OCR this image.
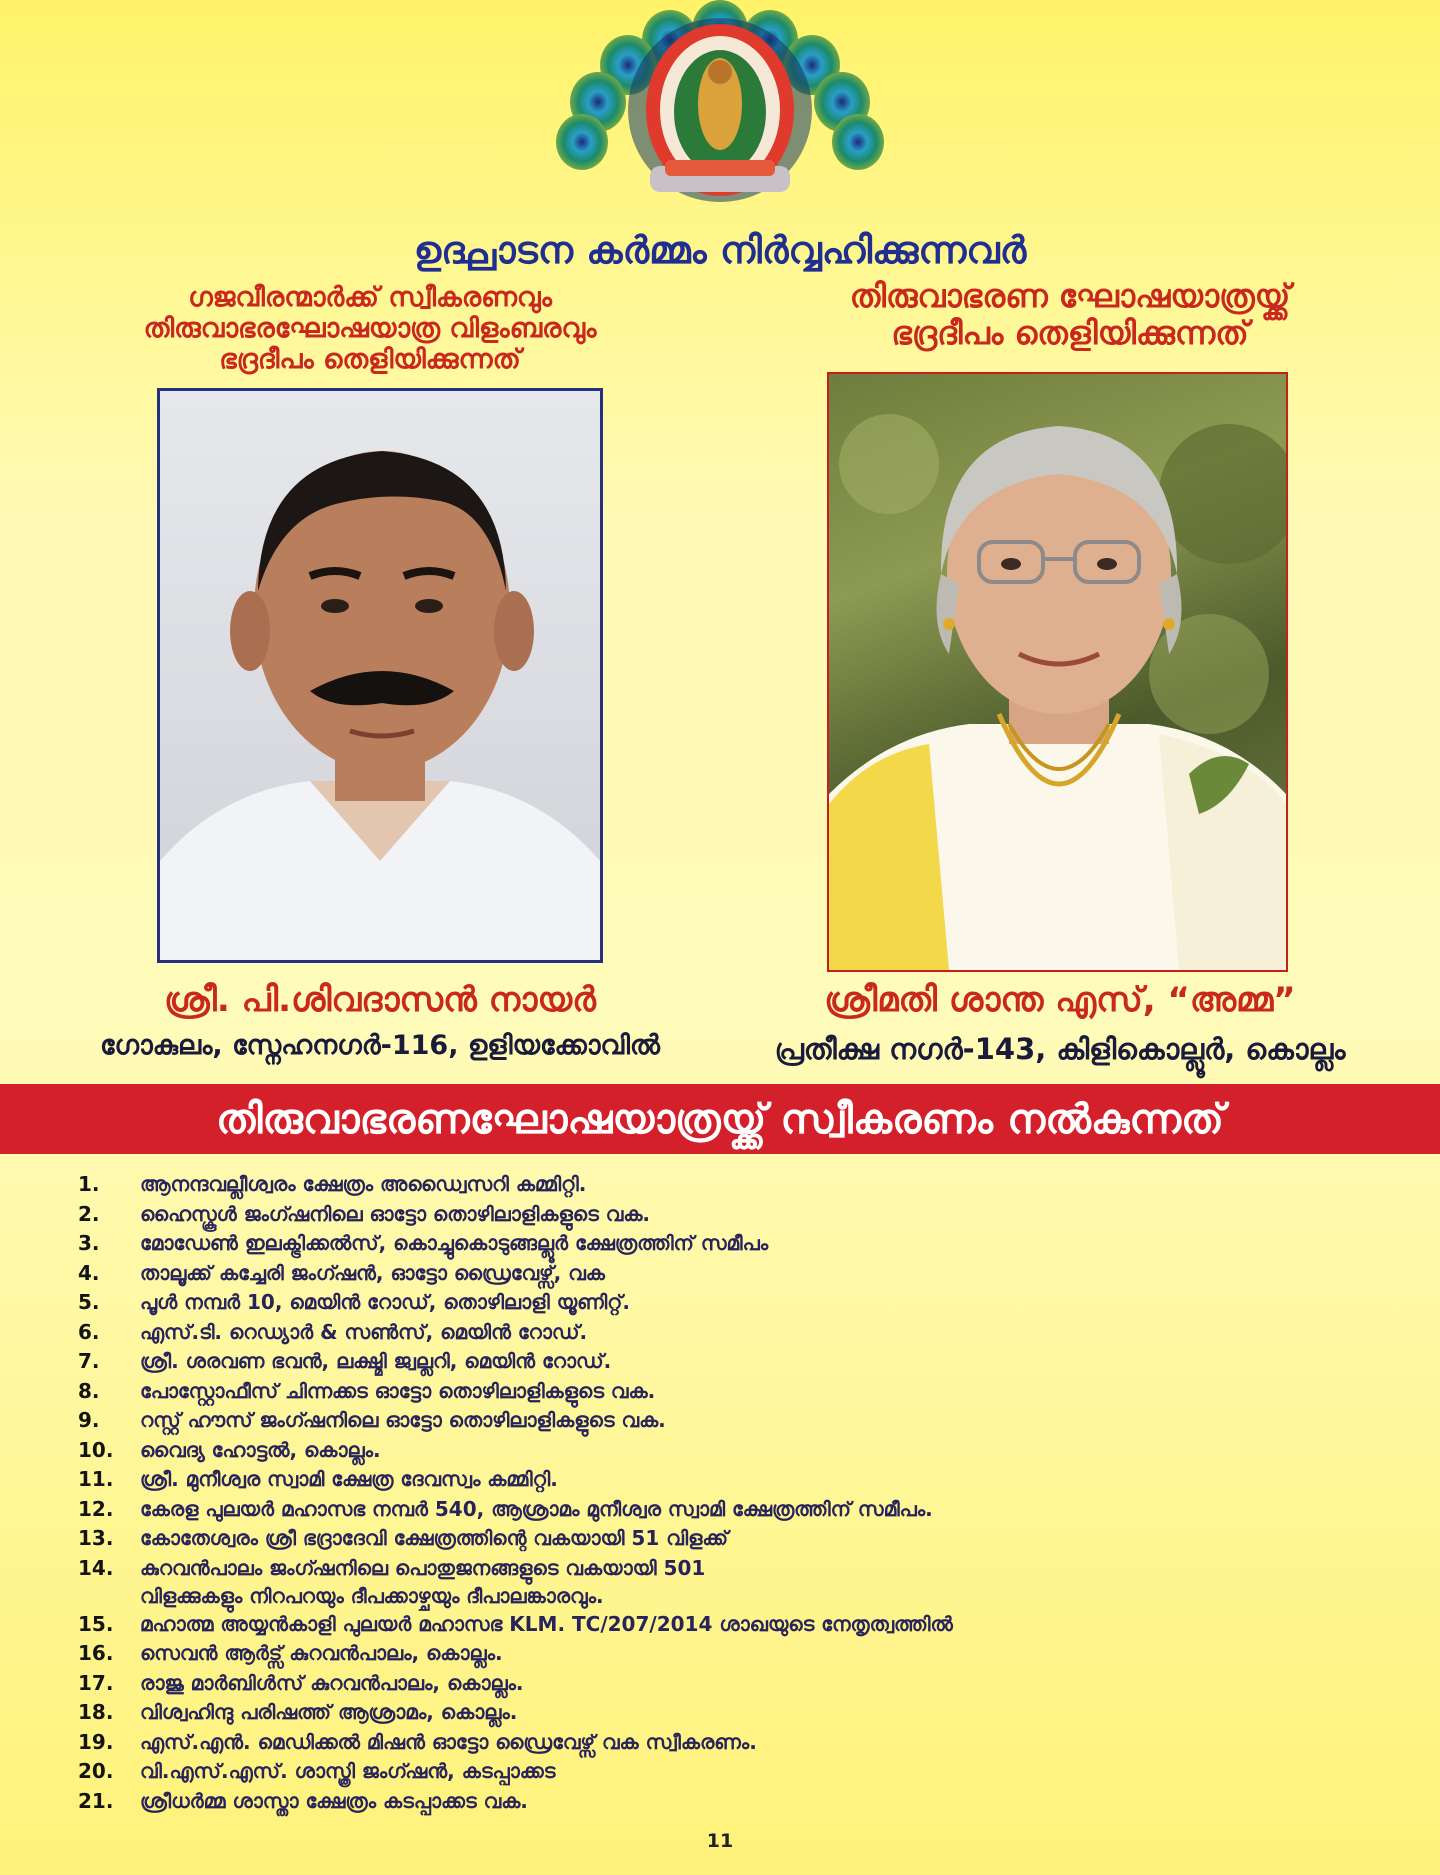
ഉദ്ഘാടന കർമ്മം നിർവ്വഹിക്കുന്നവർ
ഗജവീരന്മാർക്ക് സ്വീകരണവും
തിരുവാഭരഘോഷയാത്ര വിളംബരവും
ഭദ്രദീപം തെളിയിക്കുന്നത്
തിരുവാഭരണ ഘോഷയാത്രയ്ക്ക്
ഭദ്രദീപം തെളിയിക്കുന്നത്
ശ്രീ. പി.ശിവദാസൻ നായർ
ഗോകുലം, സ്നേഹനഗർ-116, ഉളിയക്കോവിൽ
ശ്രീമതി ശാന്ത എസ്, “അമ്മ”
പ്രതീക്ഷ നഗർ-143, കിളികൊല്ലൂർ, കൊല്ലം
തിരുവാഭരണഘോഷയാത്രയ്ക്ക് സ്വീകരണം നൽകുന്നത്
1.	ആനന്ദവല്ലീശ്വരം ക്ഷേത്രം അഡ്വൈസറി കമ്മിറ്റി.
2.	ഹൈസ്കൂൾ ജംഗ്ഷനിലെ ഓട്ടോ തൊഴിലാളികളുടെ വക.
3.	മോഡേൺ ഇലക്ട്രിക്കൽസ്, കൊച്ചുകൊടുങ്ങല്ലൂർ ക്ഷേത്രത്തിന് സമീപം
4.	താലൂക്ക് കച്ചേരി ജംഗ്ഷൻ, ഓട്ടോ ഡ്രൈവേഴ്സ്, വക
5.	പൂൾ നമ്പർ 10, മെയിൻ റോഡ്, തൊഴിലാളി യൂണിറ്റ്.
6.	എസ്.ടി. റെഡ്യാർ & സൺസ്, മെയിൻ റോഡ്.
7.	ശ്രീ. ശരവണ ഭവൻ, ലക്ഷ്മി ജ്വല്ലറി, മെയിൻ റോഡ്.
8.	പോസ്റ്റോഫീസ് ചിന്നക്കട ഓട്ടോ തൊഴിലാളികളുടെ വക.
9.	റസ്റ്റ് ഹൗസ് ജംഗ്ഷനിലെ ഓട്ടോ തൊഴിലാളികളുടെ വക.
10.	വൈദ്യ ഹോട്ടൽ, കൊല്ലം.
11.	ശ്രീ. മുനീശ്വര സ്വാമി ക്ഷേത്ര ദേവസ്വം കമ്മിറ്റി.
12.	കേരള പുലയർ മഹാസഭ നമ്പർ 540, ആശ്രാമം മുനീശ്വര സ്വാമി ക്ഷേത്രത്തിന് സമീപം.
13.	കോതേശ്വരം ശ്രീ ഭദ്രാദേവി ക്ഷേത്രത്തിന്റെ വകയായി 51 വിളക്ക്
14.	കുറവൻപാലം ജംഗ്ഷനിലെ പൊതുജനങ്ങളുടെ വകയായി 501
വിളക്കുകളും നിറപറയും ദീപക്കാഴ്ചയും ദീപാലങ്കാരവും.
15.	മഹാത്മ അയ്യൻകാളി പുലയർ മഹാസഭ KLM. TC/207/2014 ശാഖയുടെ നേതൃത്വത്തിൽ
16.	സെവൻ ആർട്സ് കുറവൻപാലം, കൊല്ലം.
17.	രാജു മാർബിൾസ് കുറവൻപാലം, കൊല്ലം.
18.	വിശ്വഹിന്ദു പരിഷത്ത് ആശ്രാമം, കൊല്ലം.
19.	എസ്.എൻ. മെഡിക്കൽ മിഷൻ ഓട്ടോ ഡ്രൈവേഴ്സ് വക സ്വീകരണം.
20.	വി.എസ്.എസ്. ശാസ്ത്രി ജംഗ്ഷൻ, കടപ്പാക്കട
21.	ശ്രീധർമ്മ ശാസ്താ ക്ഷേത്രം കടപ്പാക്കട വക.
11
